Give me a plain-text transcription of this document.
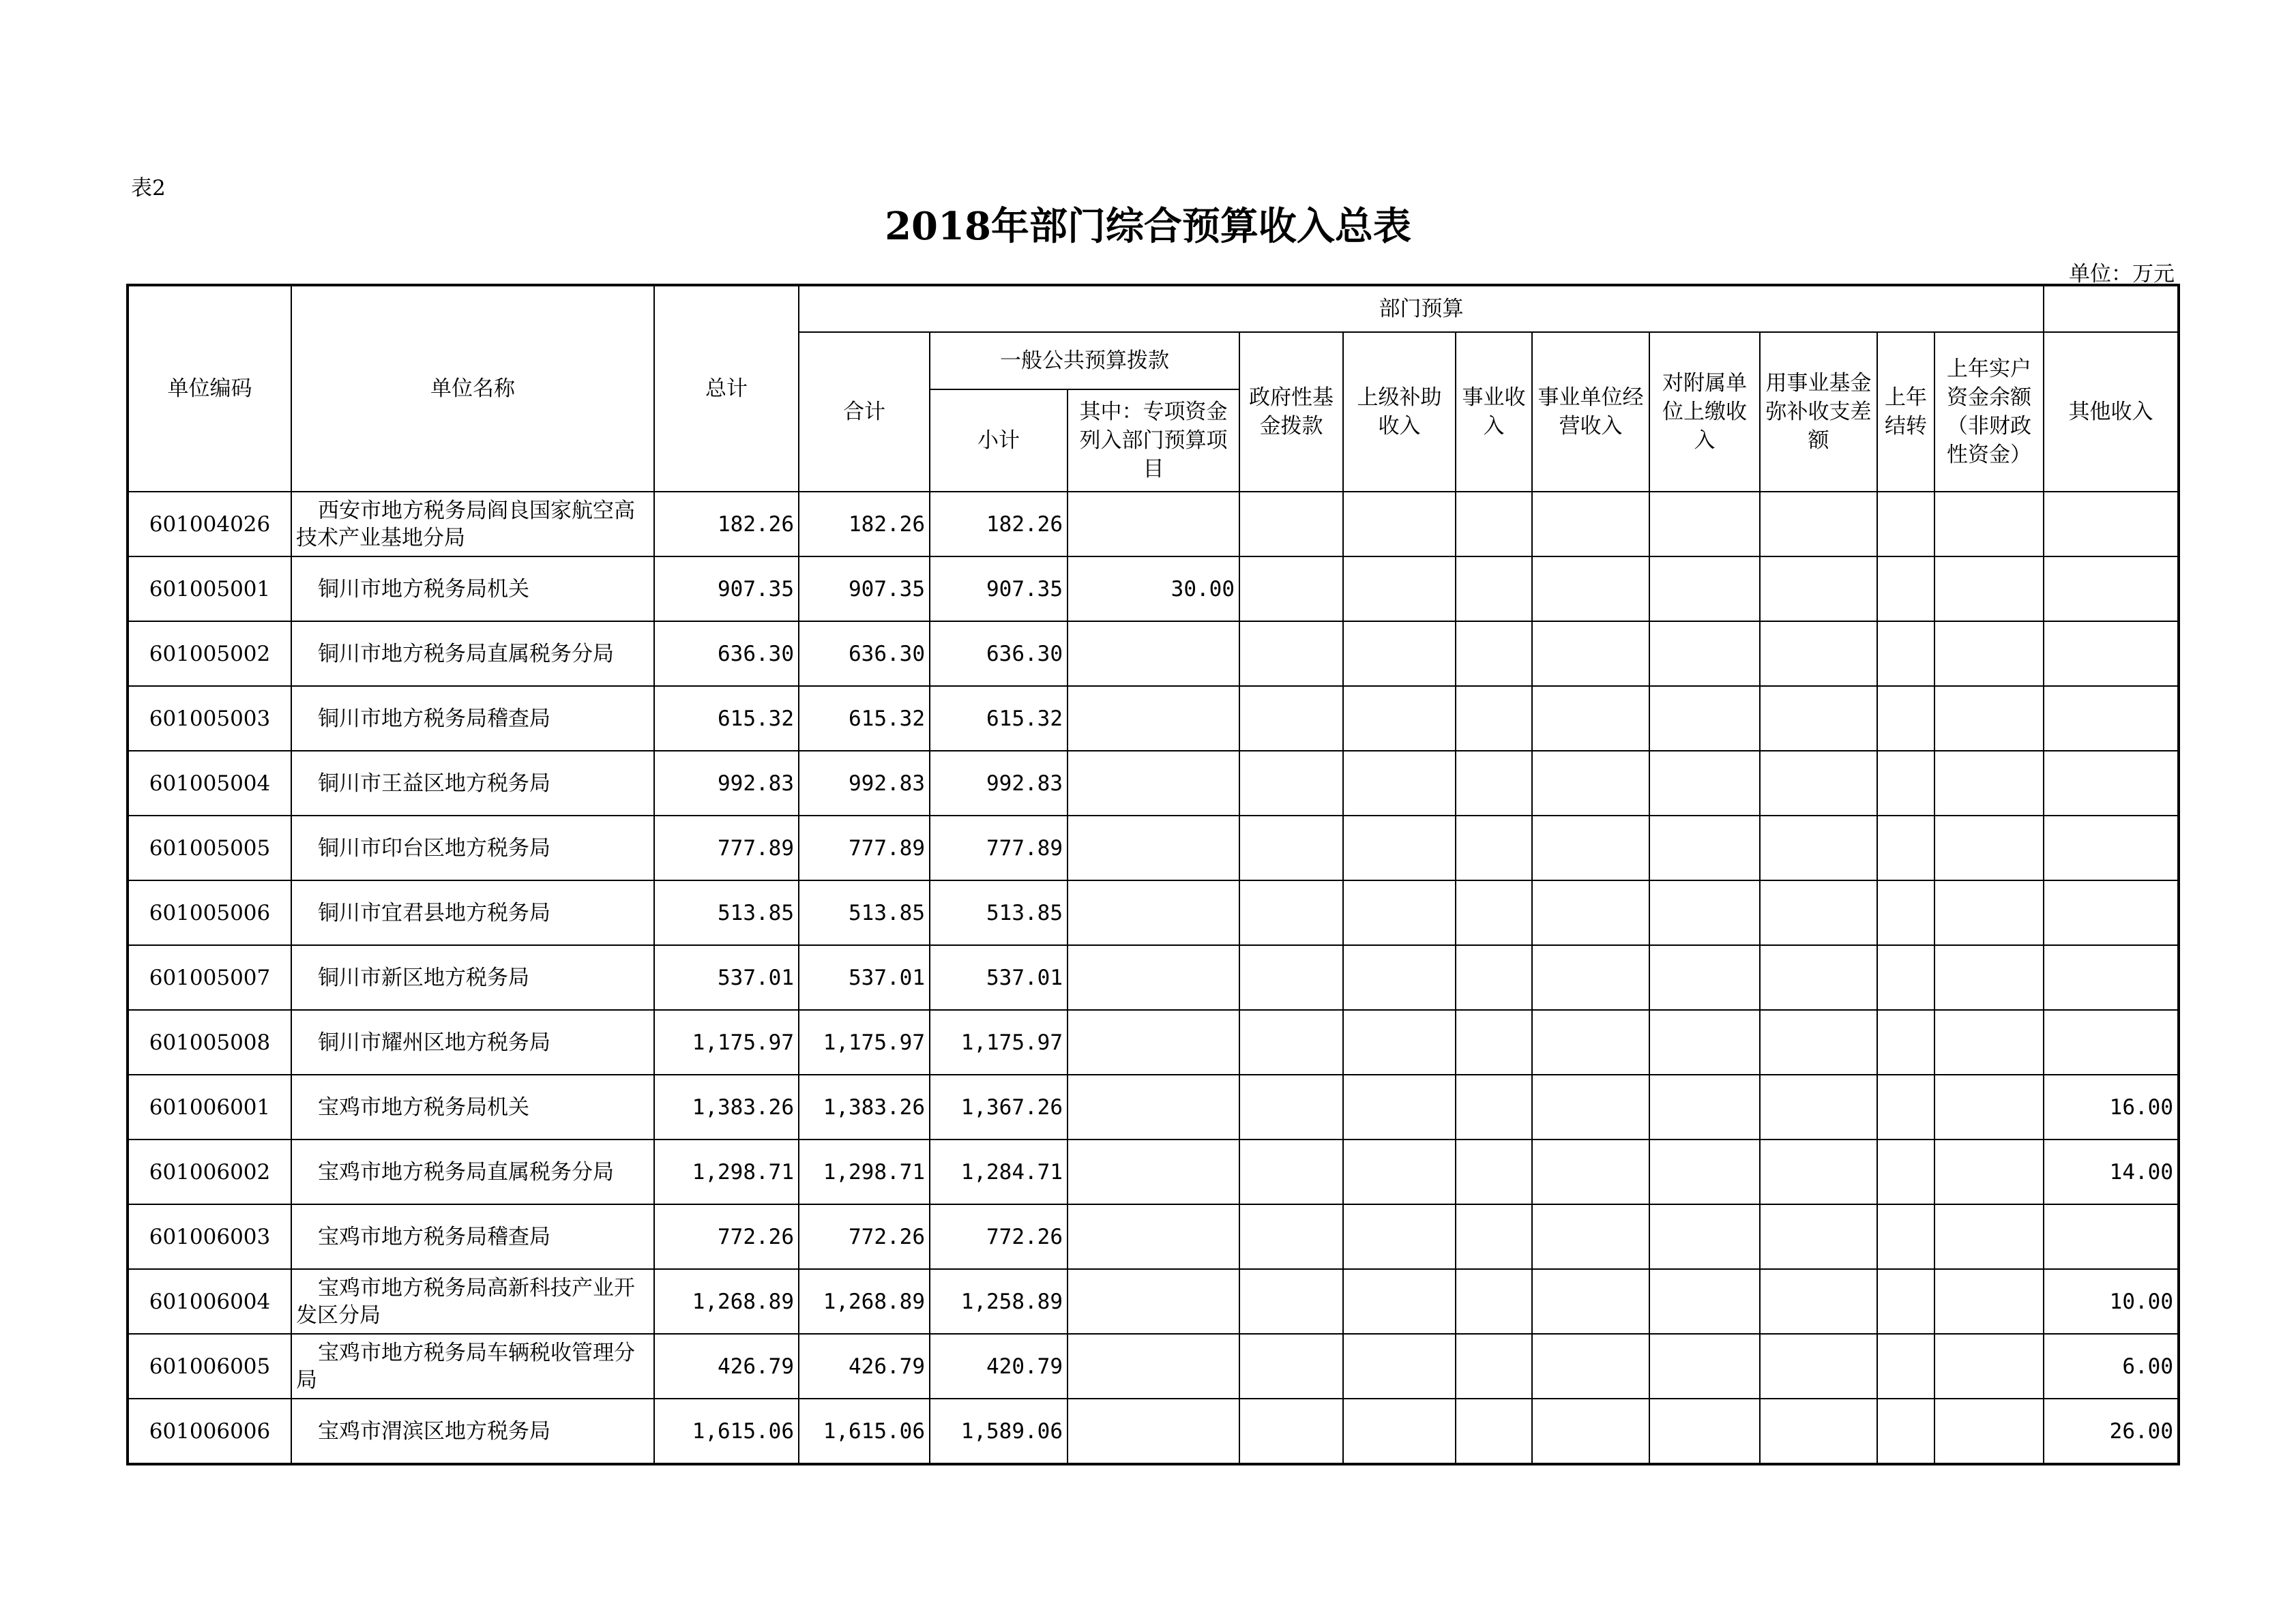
表2
2018年部门综合预算收入总表
单位：万元
单位编码	单位名称	总计	部门预算											
			合计	一般公共预算拨款		政府性基金拨款	上级补助收入	事业收入	事业单位经营收入	对附属单位上缴收入	用事业基金弥补收支差额	上年结转	上年实户资金余额（非财政性资金）	其他收入
				小计	其中：专项资金列入部门预算项目									
601004026	西安市地方税务局阎良国家航空高技术产业基地分局	182.26	182.26	182.26										
601005001	铜川市地方税务局机关	907.35	907.35	907.35	30.00									
601005002	铜川市地方税务局直属税务分局	636.30	636.30	636.30										
601005003	铜川市地方税务局稽查局	615.32	615.32	615.32										
601005004	铜川市王益区地方税务局	992.83	992.83	992.83										
601005005	铜川市印台区地方税务局	777.89	777.89	777.89										
601005006	铜川市宜君县地方税务局	513.85	513.85	513.85										
601005007	铜川市新区地方税务局	537.01	537.01	537.01										
601005008	铜川市耀州区地方税务局	1,175.97	1,175.97	1,175.97										
601006001	宝鸡市地方税务局机关	1,383.26	1,383.26	1,367.26										16.00
601006002	宝鸡市地方税务局直属税务分局	1,298.71	1,298.71	1,284.71										14.00
601006003	宝鸡市地方税务局稽查局	772.26	772.26	772.26										
601006004	宝鸡市地方税务局高新科技产业开发区分局	1,268.89	1,268.89	1,258.89										10.00
601006005	宝鸡市地方税务局车辆税收管理分局	426.79	426.79	420.79										6.00
601006006	宝鸡市渭滨区地方税务局	1,615.06	1,615.06	1,589.06										26.00
